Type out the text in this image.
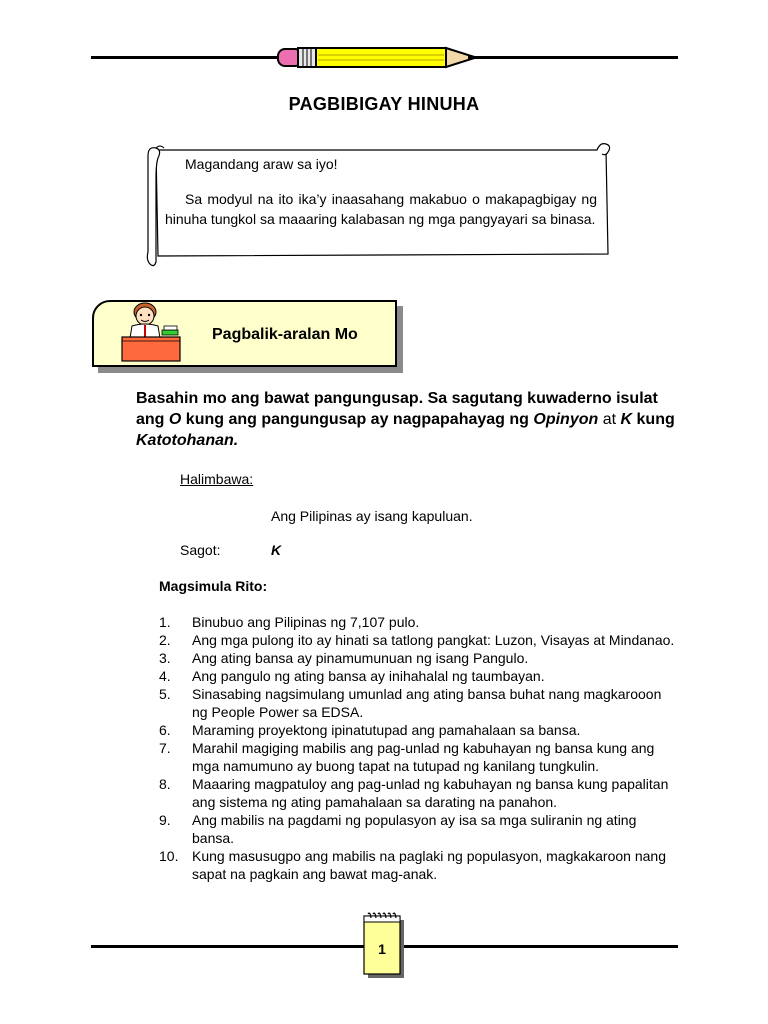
PAGBIBIGAY HINUHA

Magandang araw sa iyo!

Sa modyul na ito ika’y inaasahang makabuo o makapagbigay ng hinuha tungkol sa maaaring kalabasan ng mga pangyayari sa binasa.

Pagbalik-aralan Mo
Basahin mo ang bawat pangungusap. Sa sagutang kuwaderno isulat ang O kung ang pangungusap ay nagpapahayag ng Opinyon at K kung Katotohanan.
Halimbawa:
Ang Pilipinas ay isang kapuluan.
Sagot:	K
Magsimula Rito:
1.	Binubuo ang Pilipinas ng 7,107 pulo.
2.	Ang mga pulong ito ay hinati sa tatlong pangkat: Luzon, Visayas at Mindanao.
3.	Ang ating bansa ay pinamumunuan ng isang Pangulo.
4.	Ang pangulo ng ating bansa ay inihahalal ng taumbayan.
5.	Sinasabing nagsimulang umunlad ang ating bansa buhat nang magkarooon ng People Power sa EDSA.
6.	Maraming proyektong ipinatutupad ang pamahalaan sa bansa.
7.	Marahil magiging mabilis ang pag-unlad ng kabuhayan ng bansa kung ang mga namumuno ay buong tapat na tutupad ng kanilang tungkulin.
8.	Maaaring magpatuloy ang pag-unlad ng kabuhayan ng bansa kung papalitan ang sistema ng ating pamahalaan sa darating na panahon.
9.	Ang mabilis na pagdami ng populasyon ay isa sa mga suliranin ng ating bansa.
10. Kung masusugpo ang mabilis na paglaki ng populasyon, magkakaroon nang sapat na pagkain ang bawat mag-anak.
1
